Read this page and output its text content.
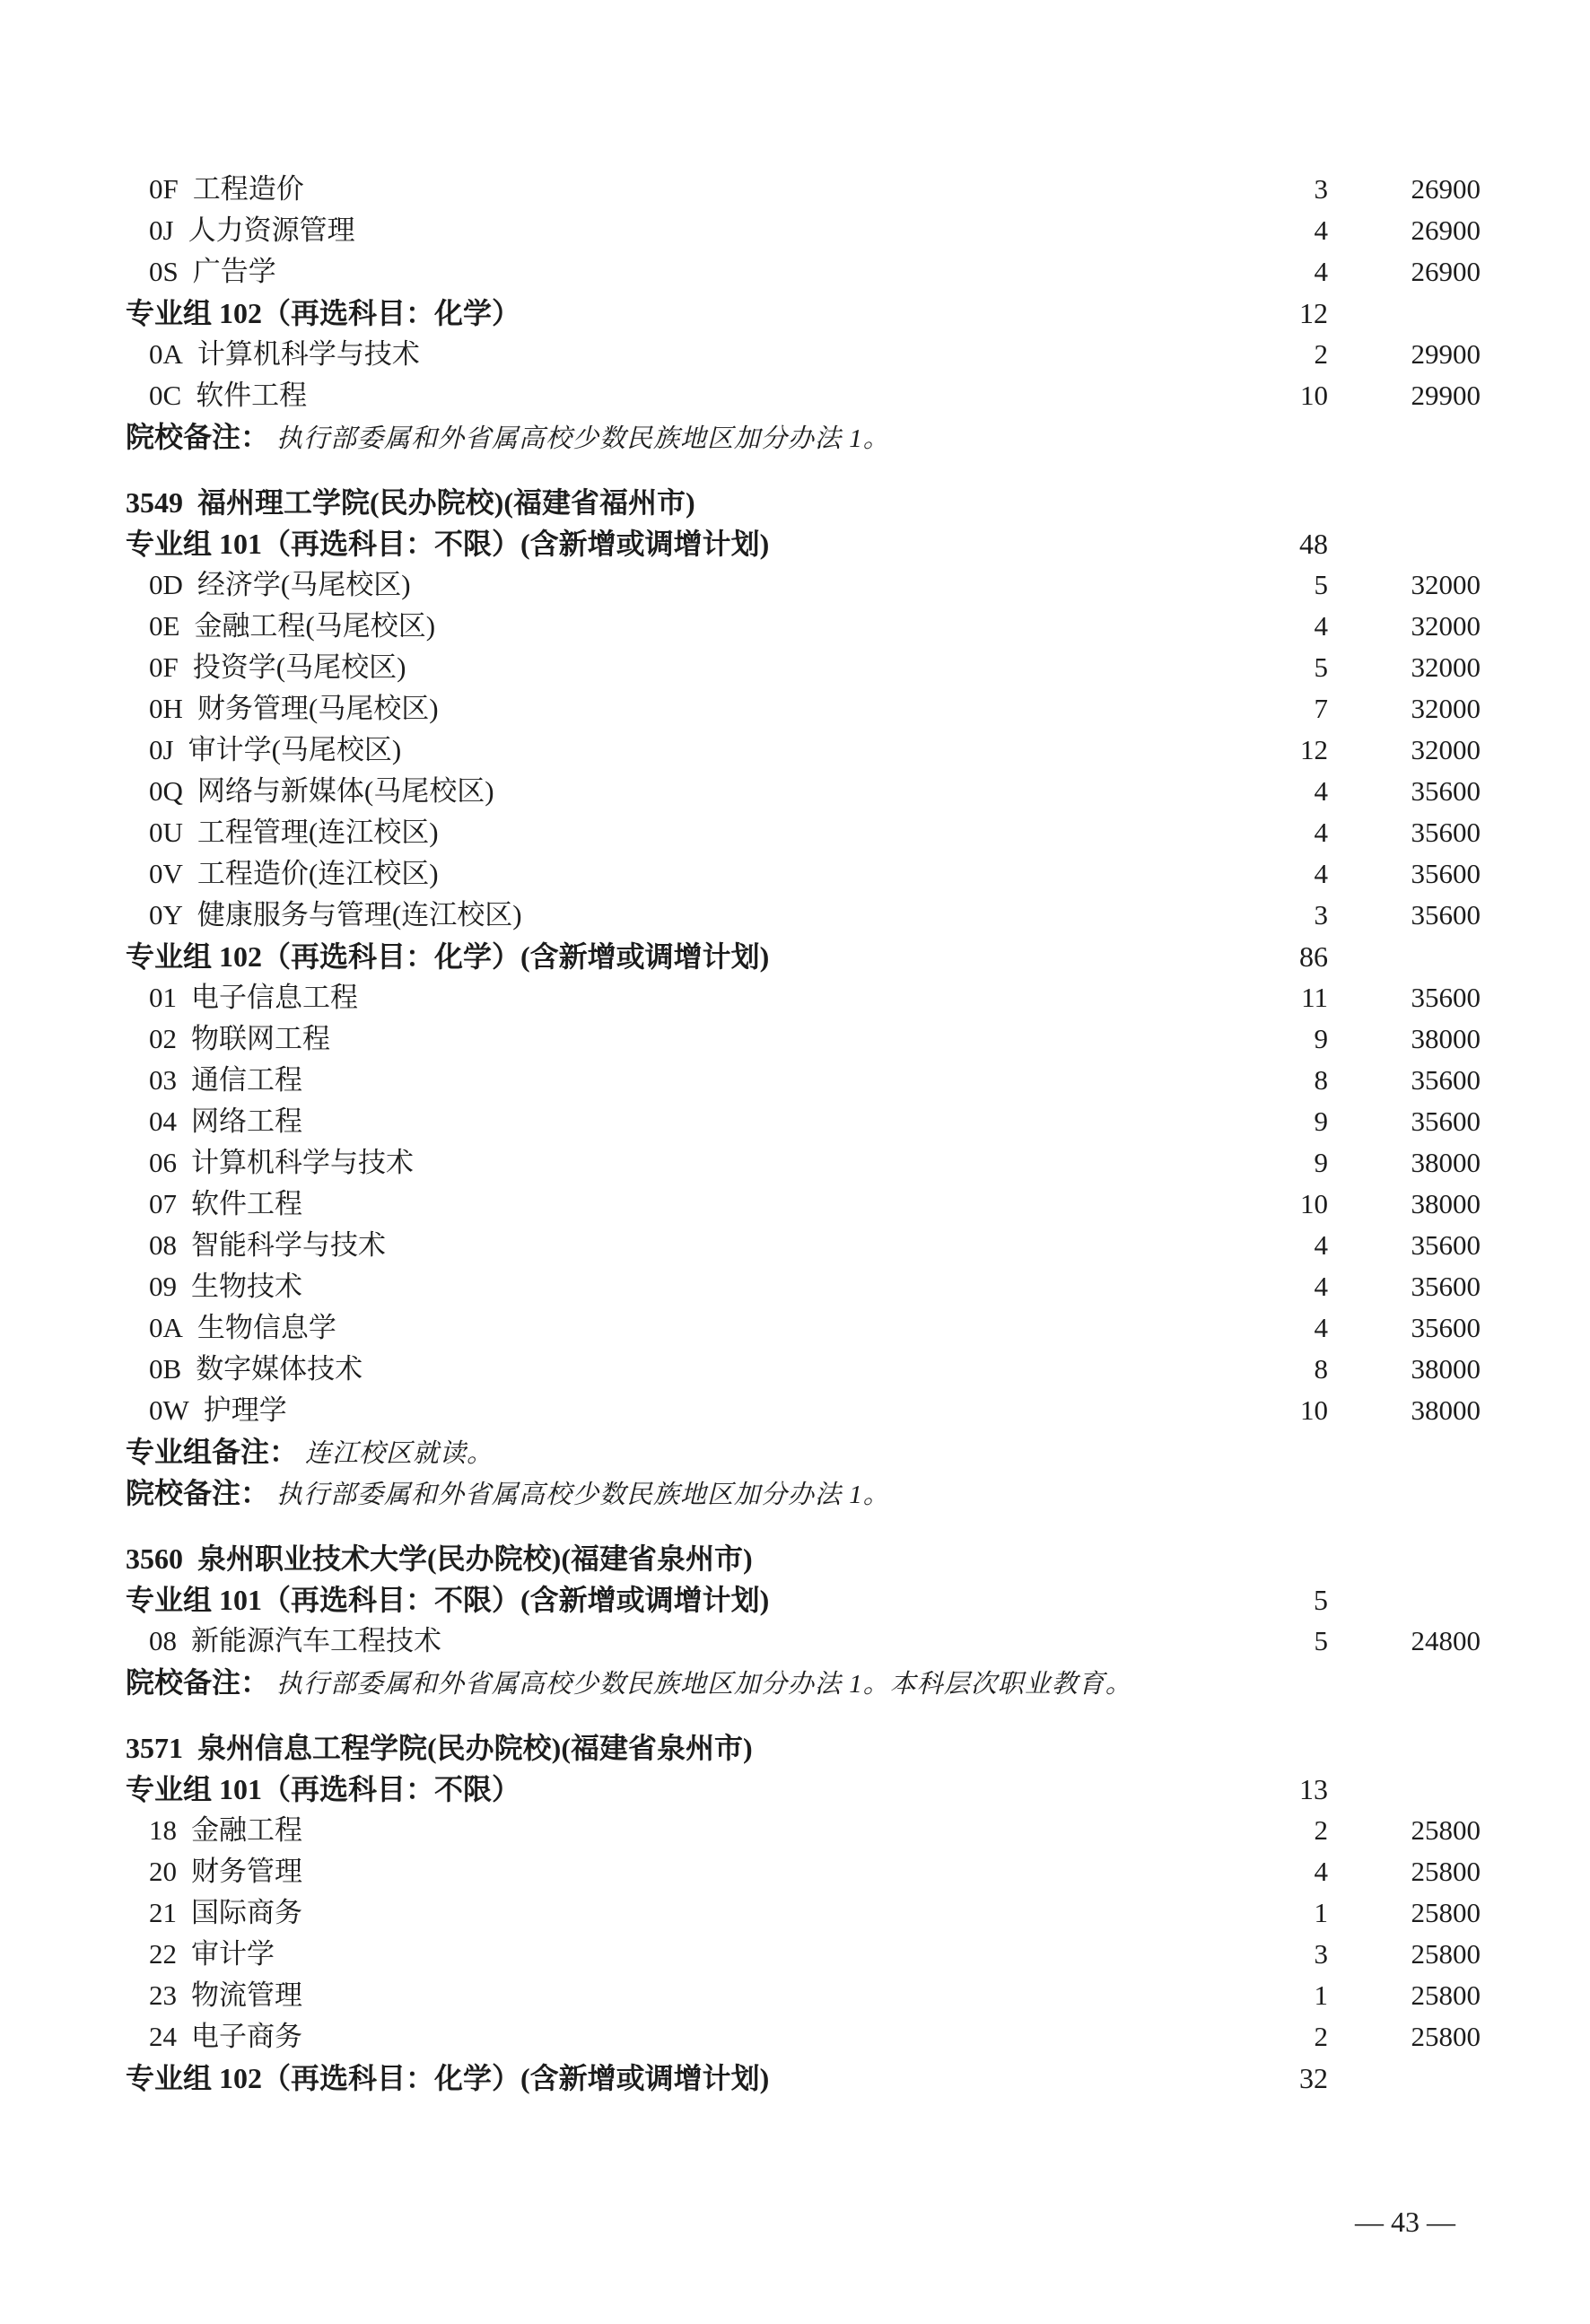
0F 工程造价	3	26900
0J 人力资源管理	4	26900
0S 广告学	4	26900
专业组 102（再选科目：化学）	12
0A 计算机科学与技术	2	29900
0C 软件工程	10	29900
院校备注： 执行部委属和外省属高校少数民族地区加分办法 1。
3549 福州理工学院(民办院校)(福建省福州市)
专业组 101（再选科目：不限）(含新增或调增计划)	48
0D 经济学(马尾校区)	5	32000
0E 金融工程(马尾校区)	4	32000
0F 投资学(马尾校区)	5	32000
0H 财务管理(马尾校区)	7	32000
0J 审计学(马尾校区)	12	32000
0Q 网络与新媒体(马尾校区)	4	35600
0U 工程管理(连江校区)	4	35600
0V 工程造价(连江校区)	4	35600
0Y 健康服务与管理(连江校区)	3	35600
专业组 102（再选科目：化学）(含新增或调增计划)	86
01 电子信息工程	11	35600
02 物联网工程	9	38000
03 通信工程	8	35600
04 网络工程	9	35600
06 计算机科学与技术	9	38000
07 软件工程	10	38000
08 智能科学与技术	4	35600
09 生物技术	4	35600
0A 生物信息学	4	35600
0B 数字媒体技术	8	38000
0W 护理学	10	38000
专业组备注： 连江校区就读。
院校备注： 执行部委属和外省属高校少数民族地区加分办法 1。
3560 泉州职业技术大学(民办院校)(福建省泉州市)
专业组 101（再选科目：不限）(含新增或调增计划)	5
08 新能源汽车工程技术	5	24800
院校备注： 执行部委属和外省属高校少数民族地区加分办法 1。本科层次职业教育。
3571 泉州信息工程学院(民办院校)(福建省泉州市)
专业组 101（再选科目：不限）	13
18 金融工程	2	25800
20 财务管理	4	25800
21 国际商务	1	25800
22 审计学	3	25800
23 物流管理	1	25800
24 电子商务	2	25800
专业组 102（再选科目：化学）(含新增或调增计划)	32
— 43 —
